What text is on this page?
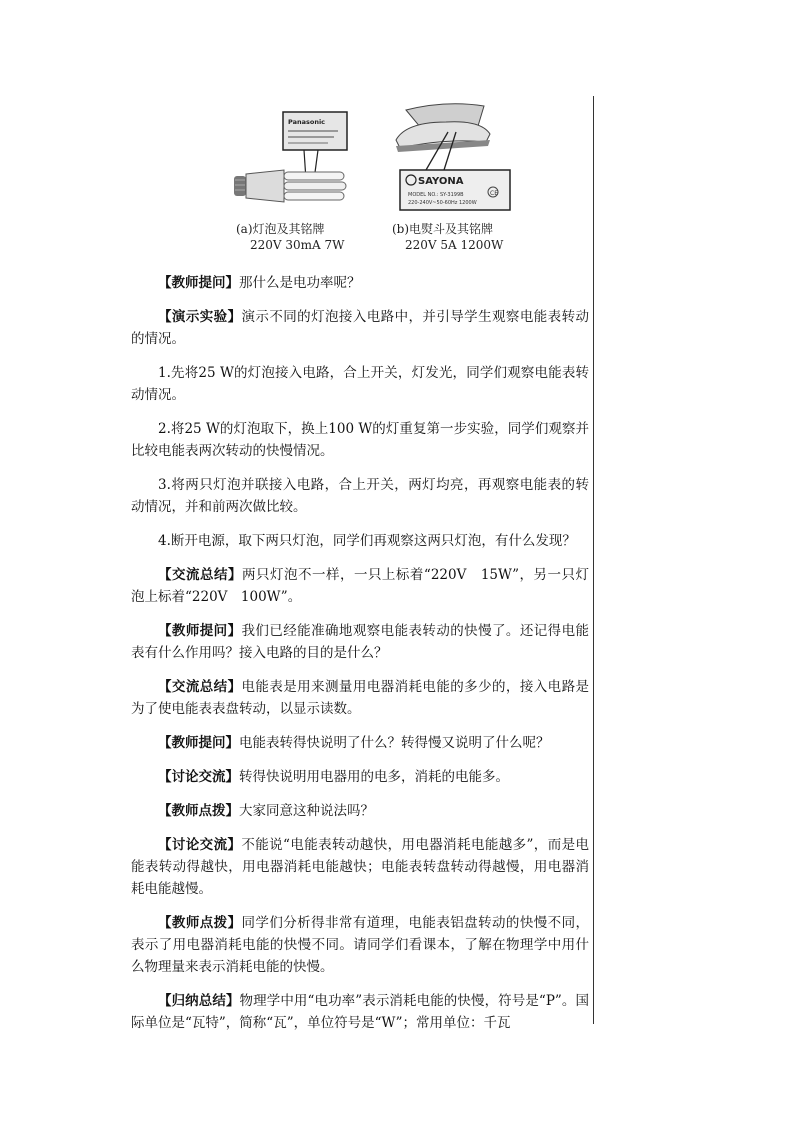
Panasonic
SAYONA
MODEL NO.: SY-3199B
220-240V~50-60Hz 1200W
CE
(a)灯泡及其铭牌
220V 30mA 7W
(b)电熨斗及其铭牌
220V 5A 1200W

【教师提问】那什么是电功率呢？

【演示实验】演示不同的灯泡接入电路中，并引导学生观察电能表转动的情况。

1.先将25 W的灯泡接入电路，合上开关，灯发光，同学们观察电能表转动情况。

2.将25 W的灯泡取下，换上100 W的灯重复第一步实验，同学们观察并比较电能表两次转动的快慢情况。

3.将两只灯泡并联接入电路，合上开关，两灯均亮，再观察电能表的转动情况，并和前两次做比较。

4.断开电源，取下两只灯泡，同学们再观察这两只灯泡，有什么发现？

【交流总结】两只灯泡不一样，一只上标着“220V　15W”，另一只灯泡上标着“220V　100W”。

【教师提问】我们已经能准确地观察电能表转动的快慢了。还记得电能表有什么作用吗？接入电路的目的是什么？

【交流总结】电能表是用来测量用电器消耗电能的多少的，接入电路是为了使电能表表盘转动，以显示读数。

【教师提问】电能表转得快说明了什么？转得慢又说明了什么呢？

【讨论交流】转得快说明用电器用的电多，消耗的电能多。

【教师点拨】大家同意这种说法吗？

【讨论交流】不能说“电能表转动越快，用电器消耗电能越多”，而是电能表转动得越快，用电器消耗电能越快；电能表转盘转动得越慢，用电器消耗电能越慢。

【教师点拨】同学们分析得非常有道理，电能表铝盘转动的快慢不同，表示了用电器消耗电能的快慢不同。请同学们看课本，了解在物理学中用什么物理量来表示消耗电能的快慢。

【归纳总结】物理学中用“电功率”表示消耗电能的快慢，符号是“P”。国际单位是“瓦特”，简称“瓦”，单位符号是“W”；常用单位：千瓦
